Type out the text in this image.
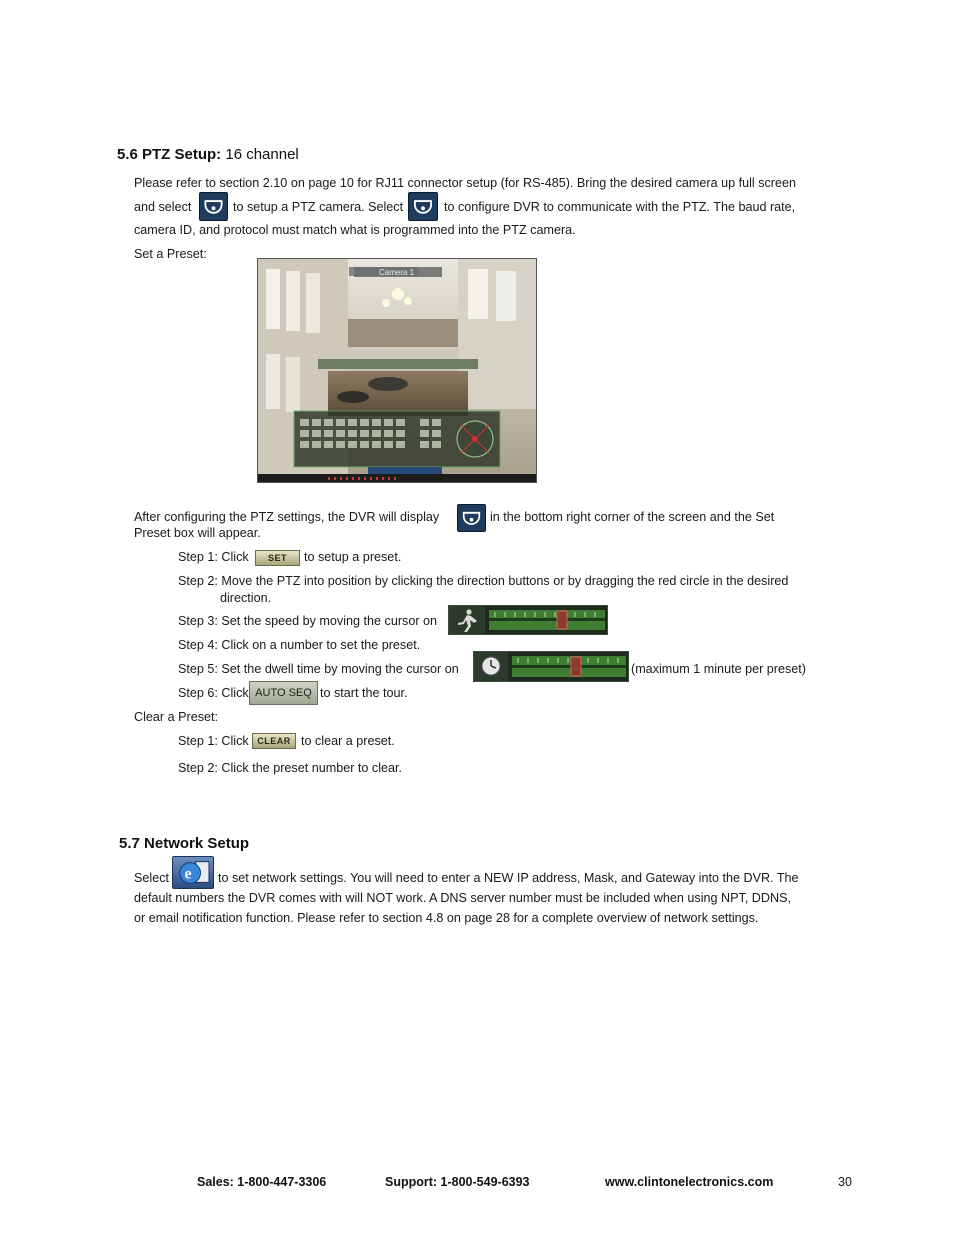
5.6 PTZ Setup: 16 channel
Please refer to section 2.10 on page 10 for RJ11 connector setup (for RS-485). Bring the desired camera up full screen
and select	to setup a PTZ camera. Select	to configure DVR to communicate with the PTZ. The baud rate,
camera ID, and protocol must match what is programmed into the PTZ camera.
Set a Preset:
Camera 1
After configuring the PTZ settings, the DVR will display	in the bottom right corner of the screen and the Set
Preset box will appear.
Step 1: Click	SET	to setup a preset.
Step 2: Move the PTZ into position by clicking the direction buttons or by dragging the red circle in the desired
direction.
Step 3: Set the speed by moving the cursor on
Step 4: Click on a number to set the preset.
Step 5: Set the dwell time by moving the cursor on	(maximum 1 minute per preset)
Step 6: Click AUTO SEQ to start the tour.
Clear a Preset:
Step 1: Click CLEAR to clear a preset.
Step 2: Click the preset number to clear.
5.7 Network Setup
Select e to set network settings. You will need to enter a NEW IP address, Mask, and Gateway into the DVR. The
default numbers the DVR comes with will NOT work. A DNS server number must be included when using NPT, DDNS,
or email notification function. Please refer to section 4.8 on page 28 for a complete overview of network settings.
Sales: 1-800-447-3306	Support: 1-800-549-6393	www.clintonelectronics.com	30
